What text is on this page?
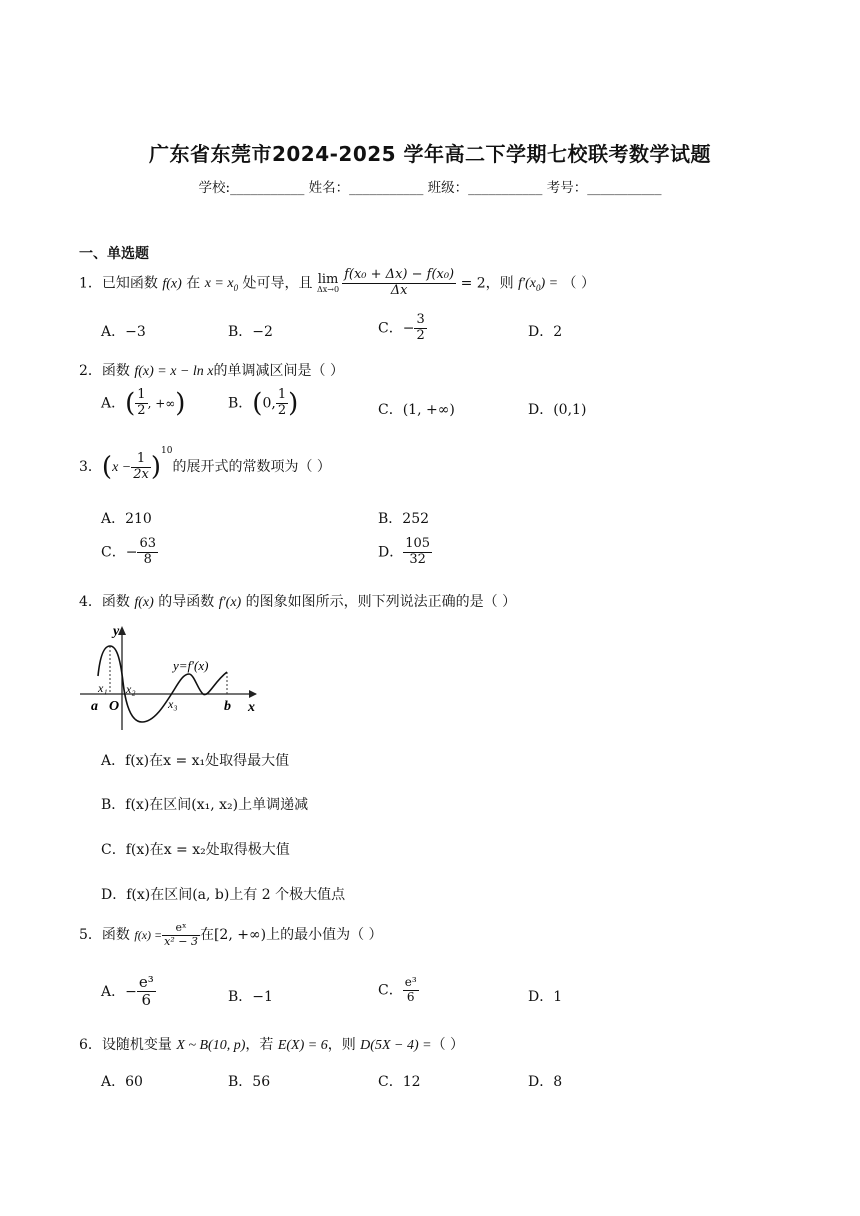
广东省东莞市2024-2025 学年高二下学期七校联考数学试题
学校:___________ 姓名：___________ 班级：___________ 考号：___________
一、单选题
1．已知函数 f(x) 在 $x = x_0$ 处可导，且 lim
$\Delta x\to 0 \frac{\text{f(x₀ + Δx) − f(x₀)}}{\Delta x} = 2$，则 $f'(x_0)$ = （ ）
A．−3	B．−2	C．− $\frac{3}{2}$	D．2
2．函数 f(x) = x − ln x的单调减区间是（ ）
A．( $\frac{1}{2}$ , +∞)	B．(0, $\frac{1}{2}$ )	C．(1, +∞)	D．(0,1)
3．$(x - \frac{1}{2x} )^{10}$的展开式的常数项为（ ）
A．210	B．252
C．− $\frac{63}{8}$	D． $\frac{105}{32}$
4．函数 f(x) 的导函数 f′(x) 的图象如图所示，则下列说法正确的是（ ）
y
x
y=f′(x)
a O	b
x₁ x₂
x₃
A．f(x)在x = x₁处取得最大值
B．f(x)在区间(x₁, x₂)上单调递减
C．f(x)在x = x₂处取得极大值
D．f(x)在区间(a, b)上有 2 个极大值点
5．函数 $f(x) = \frac{\text{eˣ}}{\text{x² − 3}}$ 在[2, +∞)上的最小值为（ ）
A．− $\frac{\text{e³}}{6}$	B．−1	C． $\frac{\text{e³}}{6}$	D．1
6．设随机变量 X ~ B(10, p)，若 E(X) = 6，则 D(5X − 4) =（ ）
A．60	B．56	C．12	D．8
